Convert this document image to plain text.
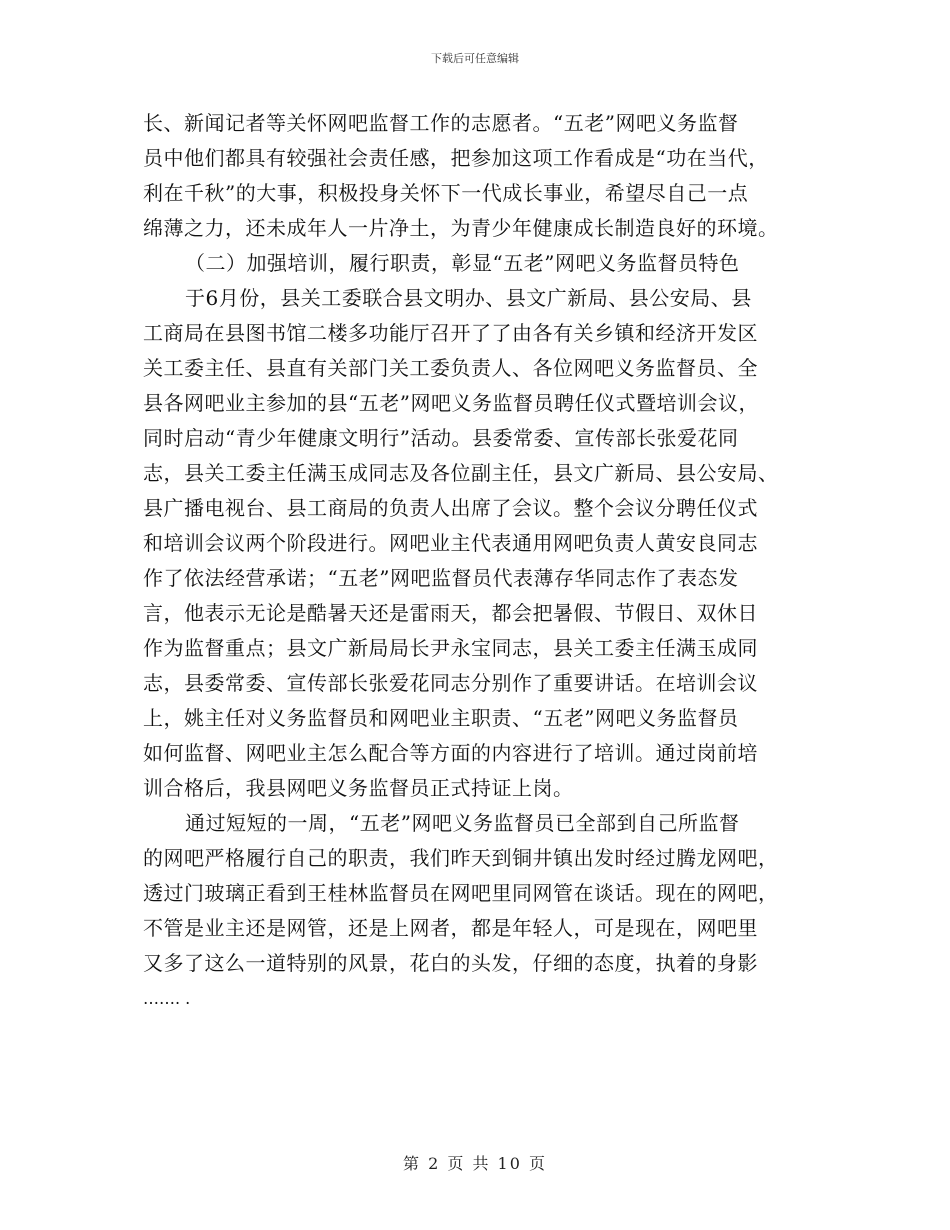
下载后可任意编辑
长、新闻记者等关怀网吧监督工作的志愿者。“五老”网吧义务监督
员中他们都具有较强社会责任感，把参加这项工作看成是“功在当代，
利在千秋”的大事，积极投身关怀下一代成长事业，希望尽自己一点
绵薄之力，还未成年人一片净土，为青少年健康成长制造良好的环境。
（二）加强培训，履行职责，彰显“五老”网吧义务监督员特色
于6月份，县关工委联合县文明办、县文广新局、县公安局、县
工商局在县图书馆二楼多功能厅召开了了由各有关乡镇和经济开发区
关工委主任、县直有关部门关工委负责人、各位网吧义务监督员、全
县各网吧业主参加的县“五老”网吧义务监督员聘任仪式暨培训会议，
同时启动“青少年健康文明行”活动。县委常委、宣传部长张爱花同
志，县关工委主任满玉成同志及各位副主任，县文广新局、县公安局、
县广播电视台、县工商局的负责人出席了会议。整个会议分聘任仪式
和培训会议两个阶段进行。网吧业主代表通用网吧负责人黄安良同志
作了依法经营承诺；“五老”网吧监督员代表薄存华同志作了表态发
言，他表示无论是酷暑天还是雷雨天，都会把暑假、节假日、双休日
作为监督重点；县文广新局局长尹永宝同志，县关工委主任满玉成同
志，县委常委、宣传部长张爱花同志分别作了重要讲话。在培训会议
上，姚主任对义务监督员和网吧业主职责、“五老”网吧义务监督员
如何监督、网吧业主怎么配合等方面的内容进行了培训。通过岗前培
训合格后，我县网吧义务监督员正式持证上岗。
通过短短的一周，“五老”网吧义务监督员已全部到自己所监督
的网吧严格履行自己的职责，我们昨天到铜井镇出发时经过腾龙网吧，
透过门玻璃正看到王桂林监督员在网吧里同网管在谈话。现在的网吧，
不管是业主还是网管，还是上网者，都是年轻人，可是现在，网吧里
又多了这么一道特别的风景，花白的头发，仔细的态度，执着的身影
……. .
第 2 页 共 10 页
